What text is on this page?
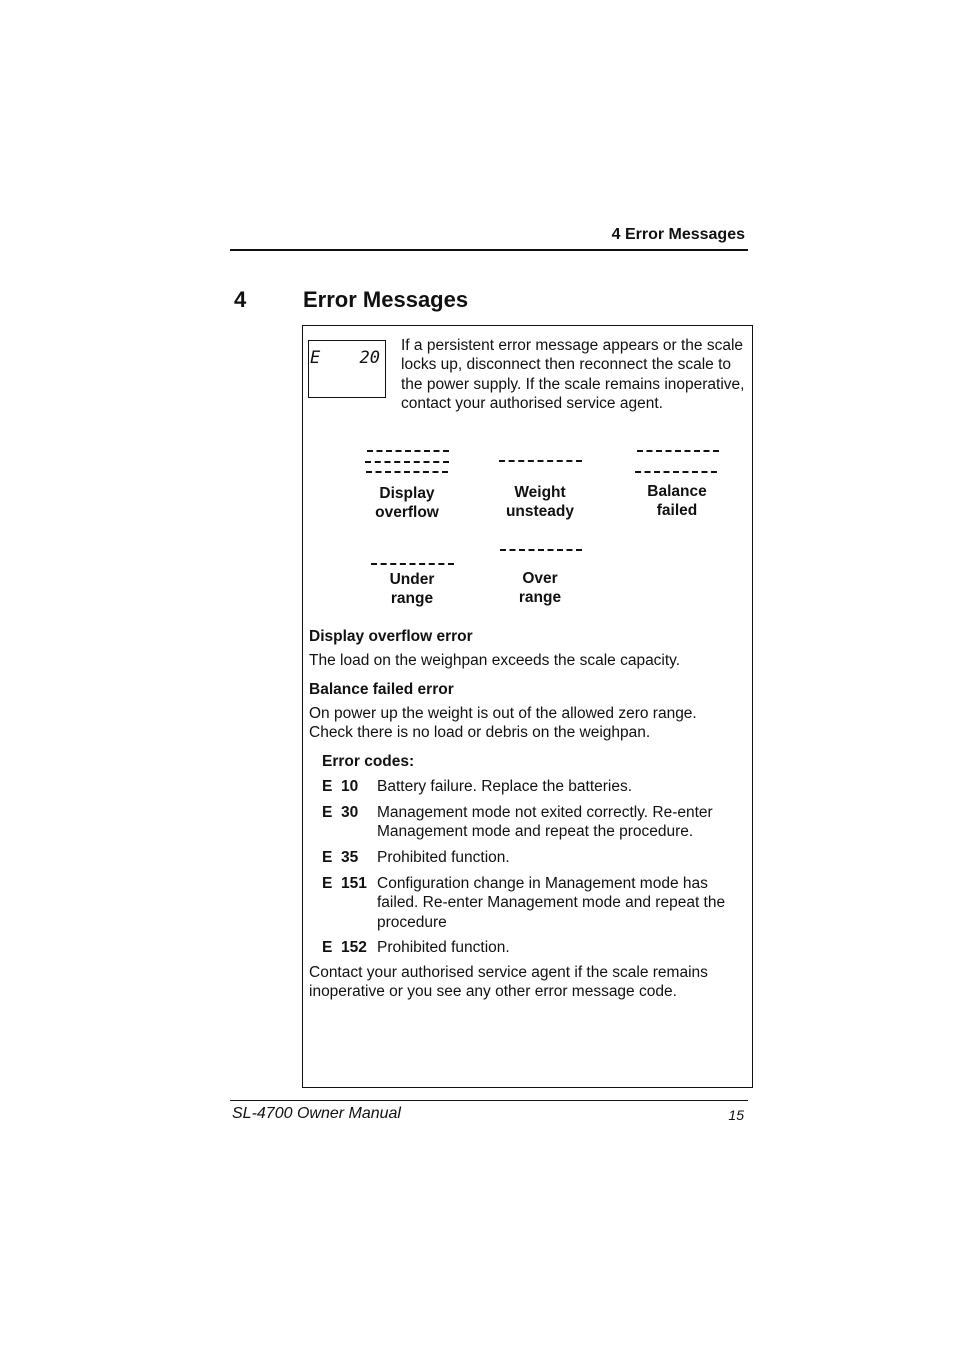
4 Error Messages
4	Error Messages
E 20
If a persistent error message appears or the scale locks up, disconnect then reconnect the scale to the power supply. If the scale remains inoperative, contact your authorised service agent.
Display
overflow
Weight
unsteady
Balance
failed
Under
range
Over
range
Display overflow error
The load on the weighpan exceeds the scale capacity.
Balance failed error
On power up the weight is out of the allowed zero range.
Check there is no load or debris on the weighpan.
Error codes:
E  10	Battery failure. Replace the batteries.
E  30	Management mode not exited correctly. Re-enter Management mode and repeat the procedure.
E  35	Prohibited function.
E  151 Configuration change in Management mode has failed. Re-enter Management mode and repeat the procedure
E  152 Prohibited function.
Contact your authorised service agent if the scale remains inoperative or you see any other error message code.
SL-4700 Owner Manual	15
